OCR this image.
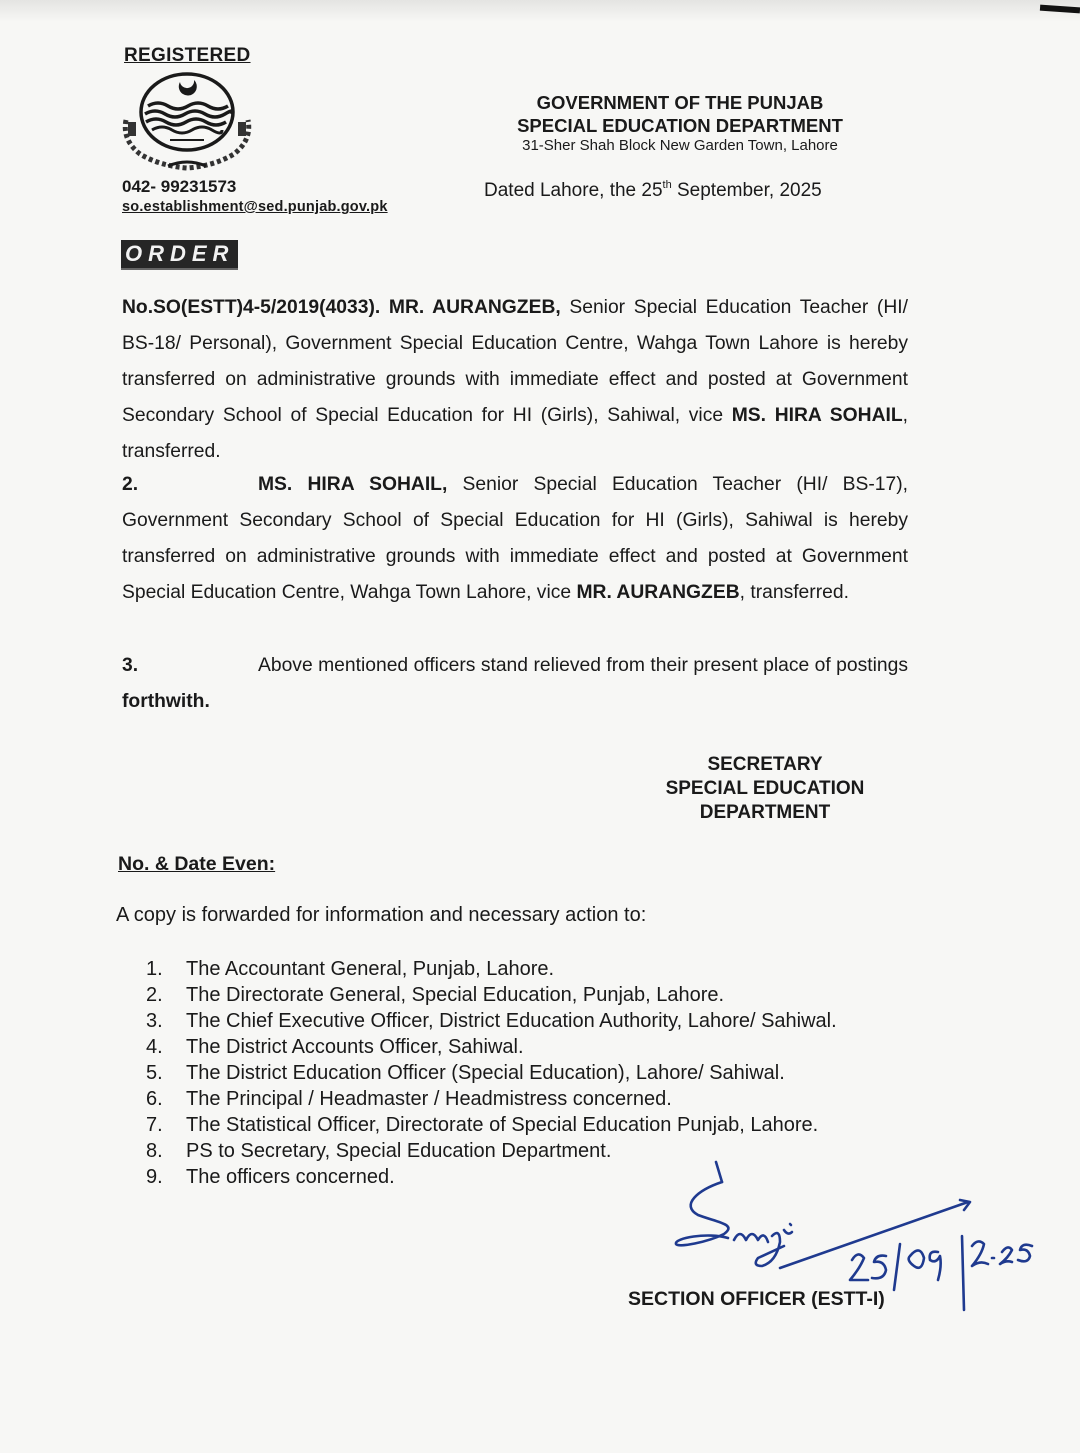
REGISTERED
042- 99231573
so.establishment@sed.punjab.gov.pk
GOVERNMENT OF THE PUNJAB
SPECIAL EDUCATION DEPARTMENT
31-Sher Shah Block New Garden Town, Lahore
Dated Lahore, the 25th September, 2025
ORDER
No.SO(ESTT)4-5/2019(4033). MR. AURANGZEB, Senior Special Education Teacher (HI/ BS-18/ Personal), Government Special Education Centre, Wahga Town Lahore is hereby transferred on administrative grounds with immediate effect and posted at Government Secondary School of Special Education for HI (Girls), Sahiwal, vice MS. HIRA SOHAIL, transferred.
2.	MS. HIRA SOHAIL, Senior Special Education Teacher (HI/ BS-17), Government Secondary School of Special Education for HI (Girls), Sahiwal is hereby transferred on administrative grounds with immediate effect and posted at Government Special Education Centre, Wahga Town Lahore, vice MR. AURANGZEB, transferred.
3.	Above mentioned officers stand relieved from their present place of postings forthwith.
SECRETARY
SPECIAL EDUCATION
DEPARTMENT
No. & Date Even:
A copy is forwarded for information and necessary action to:
1.	The Accountant General, Punjab, Lahore.
2.	The Directorate General, Special Education, Punjab, Lahore.
3.	The Chief Executive Officer, District Education Authority, Lahore/ Sahiwal.
4.	The District Accounts Officer, Sahiwal.
5.	The District Education Officer (Special Education), Lahore/ Sahiwal.
6.	The Principal / Headmaster / Headmistress concerned.
7.	The Statistical Officer, Directorate of Special Education Punjab, Lahore.
8.	PS to Secretary, Special Education Department.
9.	The officers concerned.
SECTION OFFICER (ESTT-I)
